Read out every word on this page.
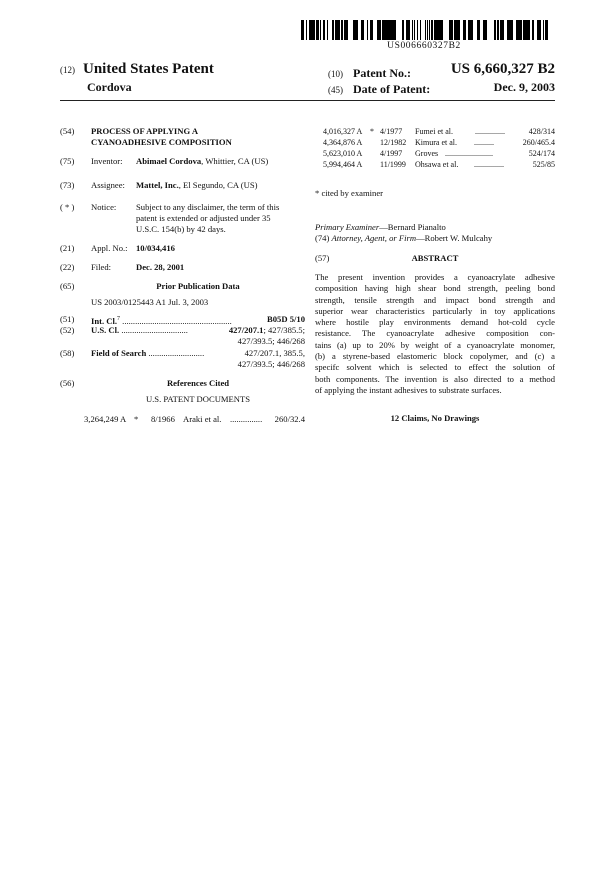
US006660327B2
(12) United States Patent
Cordova
(10) Patent No.:	US 6,660,327 B2
(45) Date of Patent:	Dec. 9, 2003
(54) PROCESS OF APPLYING A
CYANOADHESIVE COMPOSITION
(75) Inventor: Abimael Cordova, Whittier, CA (US)
(73) Assignee: Mattel, Inc., El Segundo, CA (US)
( * ) Notice: Subject to any disclaimer, the term of this
patent is extended or adjusted under 35
U.S.C. 154(b) by 42 days.
(21) Appl. No.: 10/034,416
(22) Filed:	Dec. 28, 2001
(65)	Prior Publication Data
US 2003/0125443 A1 Jul. 3, 2003
(51) Int. Cl.$^7$ ...................................................	B05D 5/10
(52) U.S. Cl. ...............................	427/207.1; 427/385.5;
427/393.5; 446/268
(58) Field of Search ..........................	427/207.1, 385.5,
427/393.5; 446/268
(56)	References Cited
U.S. PATENT DOCUMENTS
3,264,249 A * 8/1966 Araki et al. ............... 260/32.4
4,016,327 A * 4/1977 Fumei et al.	...............	428/314
4,364,876 A 12/1982 Kimura et al. ..........	260/465.4
5,623,010 A 4/1997 Groves ........................	524/174
5,994,464 A 11/1999 Ohsawa et al. ...............	525/85
* cited by examiner
Primary Examiner—Bernard Pianalto
(74) Attorney, Agent, or Firm—Robert W. Mulcahy
(57)	ABSTRACT
The present invention provides a cyanoacrylate adhesive
composition having high shear bond strength, peeling bond
strength, tensile strength and impact bond strength and
superior wear characteristics particularly in toy applications
where hostile play environments demand hot-cold cycle
resistance. The cyanoacrylate adhesive composition con-
tains (a) up to 20% by weight of a cyanoacrylate monomer,
(b) a styrene-based elastomeric block copolymer, and (c) a
specifc solvent which is selected to effect the solution of
both components. The invention is also directed to a method
of applying the instant adhesives to substrate surfaces.
12 Claims, No Drawings
